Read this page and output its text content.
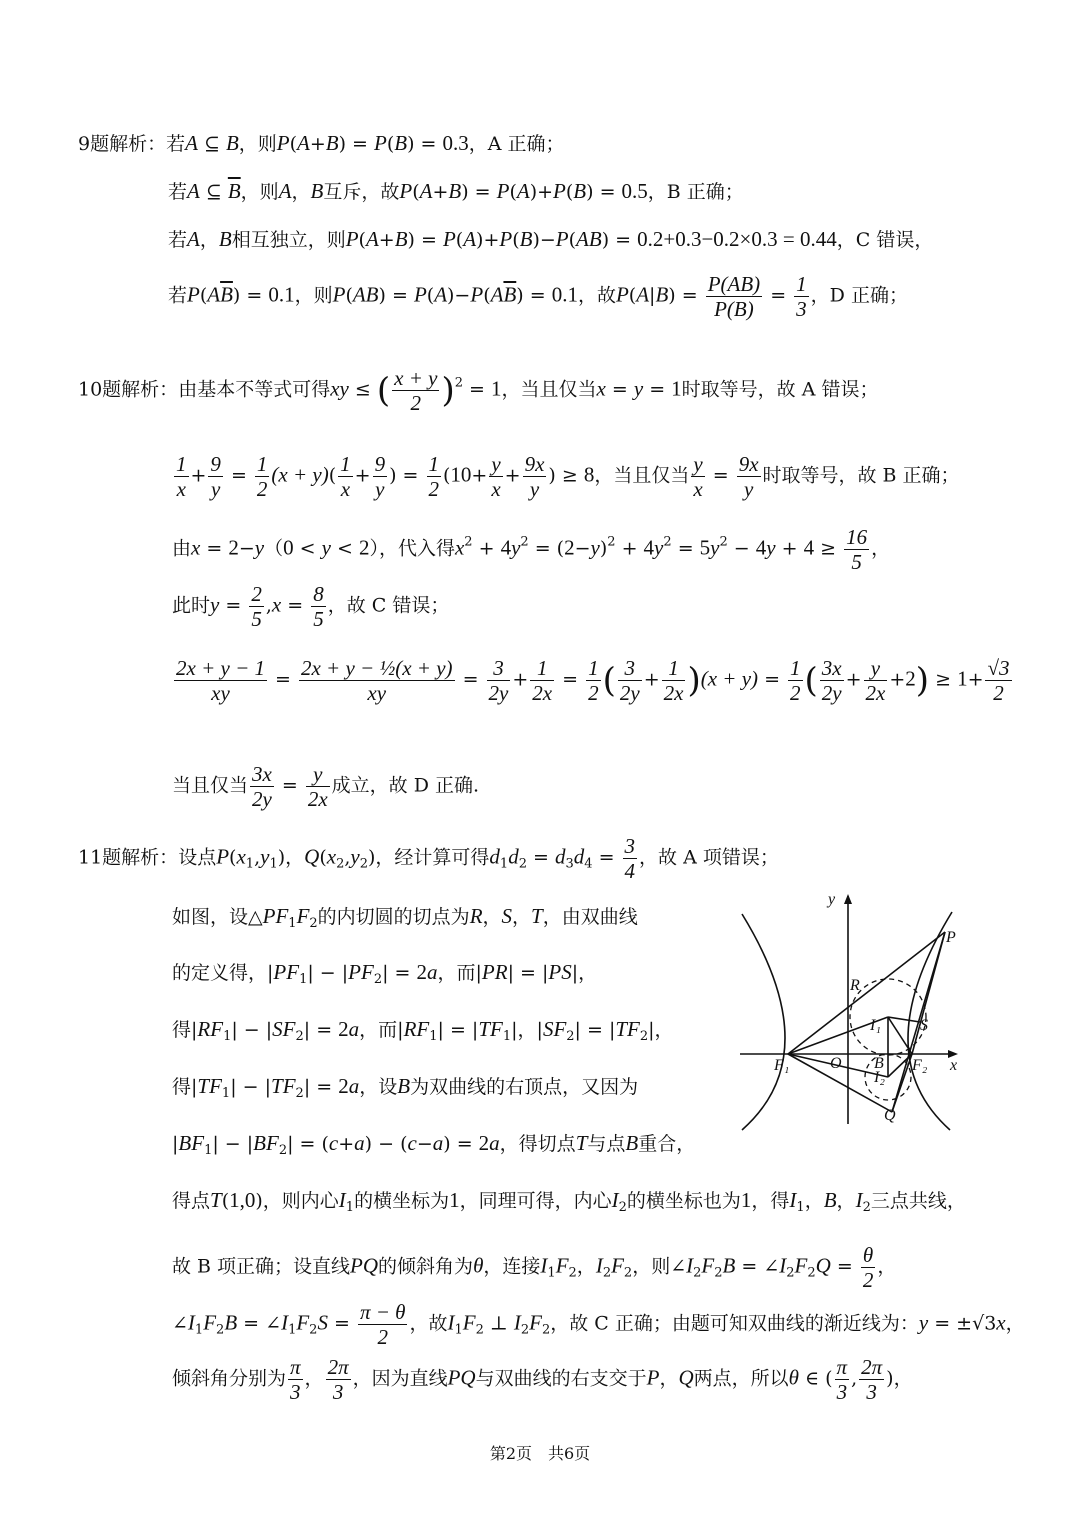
9题解析：若A ⊆ B，则P(A+B) = P(B) = 0.3，A 正确；
若A ⊆ $\overline{B}$，则A，B互斥，故P(A+B) = P(A)+P(B) = 0.5，B 正确；
若A，B相互独立，则P(A+B) = P(A)+P(B)−P(AB) = 0.2+0.3−0.2×0.3 = 0.44，C 错误，
若$P(A\overline{B}) = 0.1$，则$P(AB) = P(A)-P(A\overline{B}) = 0.1$，故$P(A|B) = \frac{P(AB)}{P(B)} = \frac{1}{3}$ ，D 正确；
10题解析：由基本不等式可得xy ≤ ( $\frac{x + y}{2} )^2 = 1$，当且仅当x = y = 1时取等号，故 A 错误；
$\frac{1}{x} + \frac{9}{y} = \frac{1}{2} (x + y)( \frac{1}{x} + \frac{9}{y}$ ) = $\frac{1}{2} (10+ \frac{y}{x} + \frac{9x}{y}$ ) ≥ 8，当且仅当 $\frac{y}{x} = \frac{9x}{y}$ 时取等号，故 B 正确；
由x = 2−y（0 < y < 2），代入得$x^2 + 4y^2 = (2-y)^2 + 4y^2 = 5y^2 - 4y + 4 \ge \frac{16}{5}$ ，
此时$y = \frac{2}{5} ,x = \frac{8}{5}$ ，故 C 错误；
$\frac{2x + y - 1}{xy} = \frac{\text{2x + y − ½(x + y)}}{xy} = \frac{3}{2y} + \frac{1}{2x} = \frac{1}{2}$ ( $\frac{3}{2y} + \frac{1}{2x} )(x + y) = \frac{1}{2}$ ( $\frac{3x}{2y} + \frac{y}{2x} +2) \ge 1+ \frac{√3}{2}$
当且仅当 $\frac{3x}{2y} = \frac{y}{2x}$ 成立，故 D 正确.
11题解析：设点$P(x_1,y_1)$，$Q(x_2,y_2)$，经计算可得$d_1d_2 = d_3d_4 = \frac{3}{4}$ ，故 A 项错误；
如图，设$\triangle PF_1F_2$的内切圆的切点为R，S，T，由双曲线
的定义得，$|PF_1| - |PF_2| = 2a$，而|PR| = |PS|，
得$|RF_1| - |SF_2| = 2a$，而$|RF_1| = |TF_1|$，$|SF_2| = |TF_2|$，
得$|TF_1| - |TF_2| = 2a$，设B为双曲线的右顶点，又因为
$|BF_1| - |BF_2| = (c+a) - (c-a) = 2a$，得切点T与点B重合，
得点T(1,0)，则内心$I_1$的横坐标为1，同理可得，内心$I_2$的横坐标也为1，得$I_1$，B，$I_2$三点共线，
故 B 项正确；设直线PQ的倾斜角为θ，连接$I_1F_2$，$I_2F_2$，则$\angle I_2F_2B$ = $\angle I_2F_2Q = \frac{\theta}{2}$ ，
$\angle I_1F_2B$ = $\angle I_1F_2S = \frac{\pi - \theta}{2}$ ，故$I_1F_2$ ⊥ $I_2F_2$，故 C 正确；由题可知双曲线的渐近线为：y = ±√3x，
倾斜角分别为 $\frac{\pi}{3}$ ， $\frac{2\pi}{3}$ ，因为直线PQ与双曲线的右支交于P，Q两点，所以θ ∈ ( $\frac{\pi}{3}$ , $\frac{2\pi}{3}$ )，
y
x
P
R
I₁ S
F₁	O B F₂
I₂
Q
第2页　共6页
